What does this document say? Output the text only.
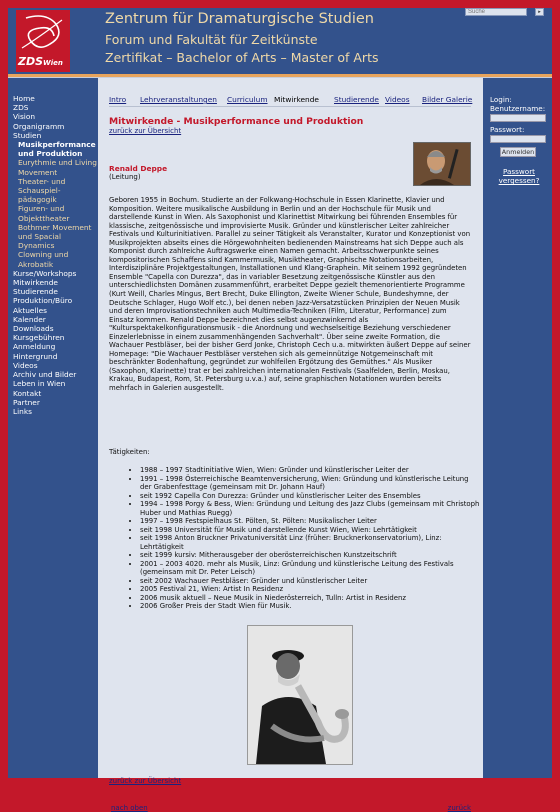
ZDSWien
Zentrum für Dramaturgische Studien
Forum und Fakultät für Zeitkünste
Zertifikat – Bachelor of Arts – Master of Arts
Suche
▸
Home
ZDS
Vision
Organigramm
Studien
Musikperformance und Produktion
Eurythmie und Living Movement
Theater- und Schauspiel-pädagogik
Figuren- und Objekttheater
Bothmer Movement und Spacial Dynamics
Clowning und Akrobatik
Kurse/Workshops
Mitwirkende
Studierende
Produktion/Büro
Aktuelles
Kalender
Downloads
Kursgebühren
Anmeldung
Hintergrund
Videos
Archiv und Bilder
Leben in Wien
Kontakt
Partner
Links
Intro Lehrveranstaltungen Curriculum Mitwirkende Studierende Videos Bilder Galerie
Mitwirkende - Musikperformance und Produktion
zurück zur Übersicht
Renald Deppe
(Leitung)

Geboren 1955 in Bochum. Studierte an der Folkwang-Hochschule in Essen Klarinette, Klavier und Komposition. Weitere musikalische Ausbildung in Berlin und an der Hochschule für Musik und darstellende Kunst in Wien. Als Saxophonist und Klarinettist Mitwirkung bei führenden Ensembles für klassische, zeitgenössische und improvisierte Musik. Gründer und künstlerischer Leiter zahlreicher Festivals und Kulturinitiativen. Parallel zu seiner Tätigkeit als Veranstalter, Kurator und Konzeptionist von Musikprojekten abseits eines die Hörgewohnheiten bedienenden Mainstreams hat sich Deppe auch als Komponist durch zahlreiche Auftragswerke einen Namen gemacht. Arbeitsschwerpunkte seines kompositorischen Schaffens sind Kammermusik, Musiktheater, Graphische Notationsarbeiten, Interdisziplinäre Projektgestaltungen, Installationen und Klang-Graphein. Mit seinem 1992 gegründeten Ensemble "Capella con Durezza", das in variabler Besetzung zeitgenössische Künstler aus den unterschiedlichsten Domänen zusammenführt, erarbeitet Deppe gezielt themenorientierte Programme (Kurt Weill, Charles Mingus, Bert Brecht, Duke Ellington, Zweite Wiener Schule, Bundeshymne, der Deutsche Schlager, Hugo Wolf etc.), bei denen neben Jazz-Versatzstücken Prinzipien der Neuen Musik und deren Improvisationstechniken auch Multimedia-Techniken (Film, Literatur, Performance) zum Einsatz kommen. Renald Deppe bezeichnet dies selbst augenzwinkernd als "Kulturspektakelkonfigurationsmusik - die Anordnung und wechselseitige Beziehung verschiedener Einzelerlebnisse in einem zusammenhängenden Sachverhalt". Über seine zweite Formation, die Wachauer Pestbläser, bei der bisher Gerd Jonke, Christoph Cech u.a. mitwirkten äußert Deppe auf seiner Homepage: "Die Wachauer Pestbläser verstehen sich als gemeinnützige Notgemeinschaft mit beschränkter Bodenhaftung, gegründet zur wohlfeilen Ergötzung des Gemüthes." Als Musiker (Saxophon, Klarinette) trat er bei zahlreichen internationalen Festivals (Saalfelden, Berlin, Moskau, Krakau, Budapest, Rom, St. Petersburg u.v.a.) auf, seine graphischen Notationen wurden bereits mehrfach in Galerien ausgestellt.

Tätigkeiten:
• 1988 – 1997 Stadtinitiative Wien, Wien: Gründer und künstlerischer Leiter der
• 1991 – 1998 Österreichische Beamtenversicherung, Wien: Gründung und künstlerische Leitung der Grabenfesttage (gemeinsam mit Dr. Johann Hauf)
• seit 1992 Capella Con Durezza: Gründer und künstlerischer Leiter des Ensembles
• 1994 – 1998 Porgy & Bess, Wien: Gründung und Leitung des Jazz Clubs (gemeinsam mit Christoph Huber und Mathias Ruegg)
• 1997 – 1998 Festspielhaus St. Pölten, St. Pölten: Musikalischer Leiter
• seit 1998 Universität für Musik und darstellende Kunst Wien, Wien: Lehrtätigkeit
• seit 1998 Anton Bruckner Privatuniversität Linz (früher: Brucknerkonservatorium), Linz: Lehrtätigkeit
• seit 1999 kursiv: Mitherausgeber der oberösterreichischen Kunstzeitschrift
• 2001 – 2003 4020. mehr als Musik, Linz: Gründung und künstlerische Leitung des Festivals (gemeinsam mit Dr. Peter Leisch)
• seit 2002 Wachauer Pestbläser: Gründer und künstlerischer Leiter
• 2005 Festival 21, Wien: Artist In Residenz
• 2006 musik aktuell – Neue Musik in Niederösterreich, Tulln: Artist in Residenz
• 2006 Großer Preis der Stadt Wien für Musik.
zurück zur Übersicht
nach oben	zurück
Login:
Benutzername:
Passwort:
Anmelden
Passwort vergessen?
